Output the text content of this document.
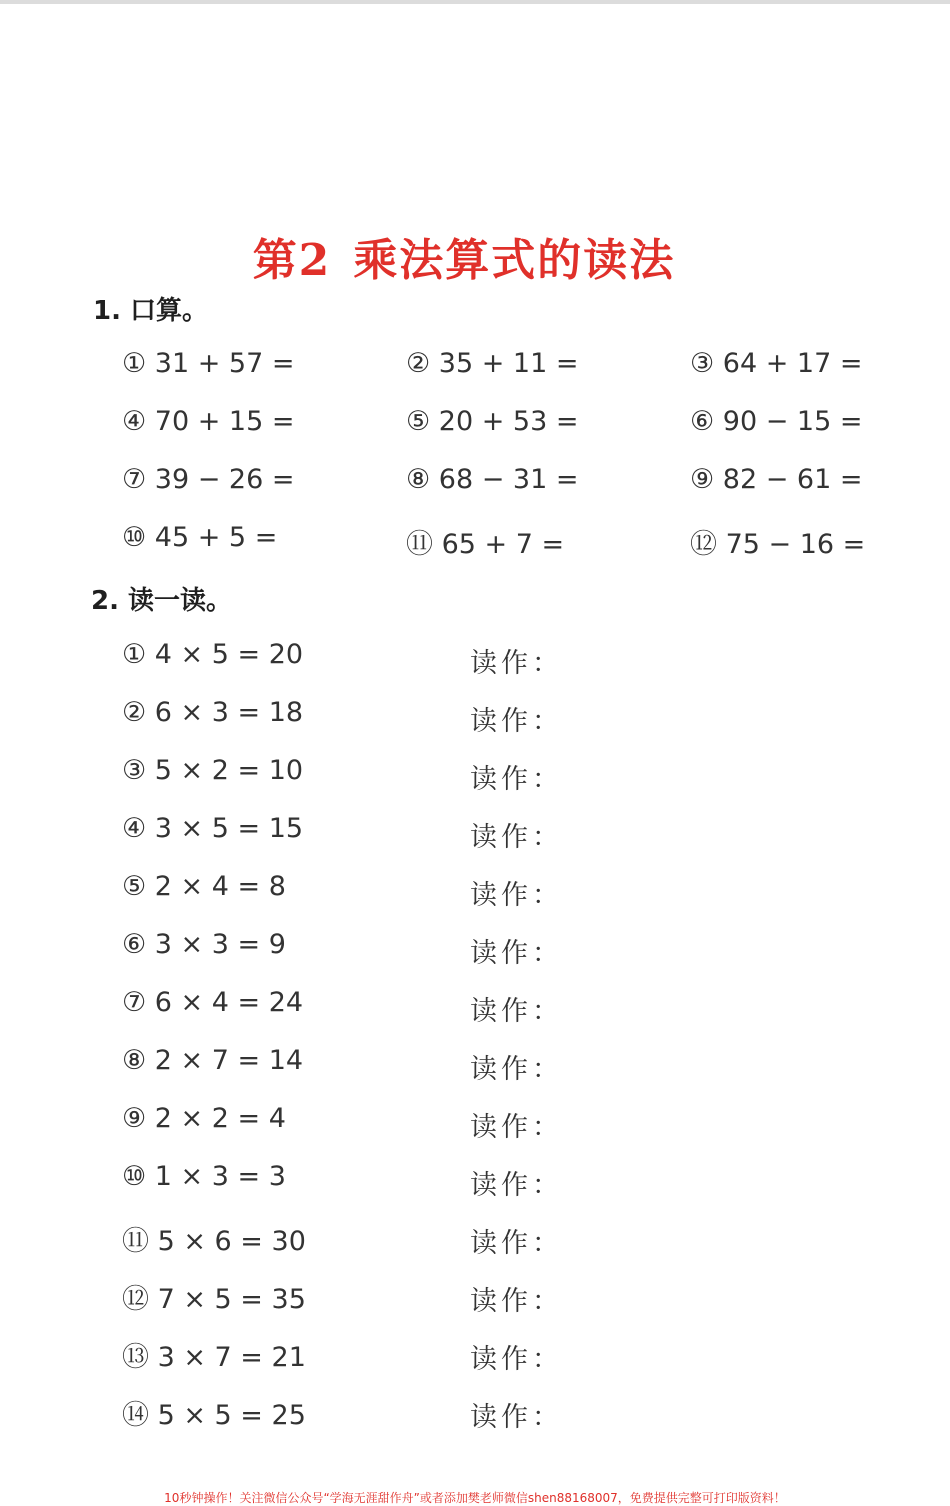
第2 乘法算式的读法
1. 口算。
① 31 + 57 =	② 35 + 11 =	③ 64 + 17 =
④ 70 + 15 =	⑤ 20 + 53 =	⑥ 90 − 15 =
⑦ 39 − 26 =	⑧ 68 − 31 =	⑨ 82 − 61 =
⑩ 45 + 5 =	⑪ 65 + 7 =	⑫ 75 − 16 =
2. 读一读。
① 4 × 5 = 20	读作：
② 6 × 3 = 18	读作：
③ 5 × 2 = 10	读作：
④ 3 × 5 = 15	读作：
⑤ 2 × 4 = 8	读作：
⑥ 3 × 3 = 9	读作：
⑦ 6 × 4 = 24	读作：
⑧ 2 × 7 = 14	读作：
⑨ 2 × 2 = 4	读作：
⑩ 1 × 3 = 3	读作：
⑪ 5 × 6 = 30	读作：
⑫ 7 × 5 = 35	读作：
⑬ 3 × 7 = 21	读作：
⑭ 5 × 5 = 25	读作：
10秒钟操作！关注微信公众号“学海无涯甜作舟”或者添加樊老师微信shen88168007，免费提供完整可打印版资料！
